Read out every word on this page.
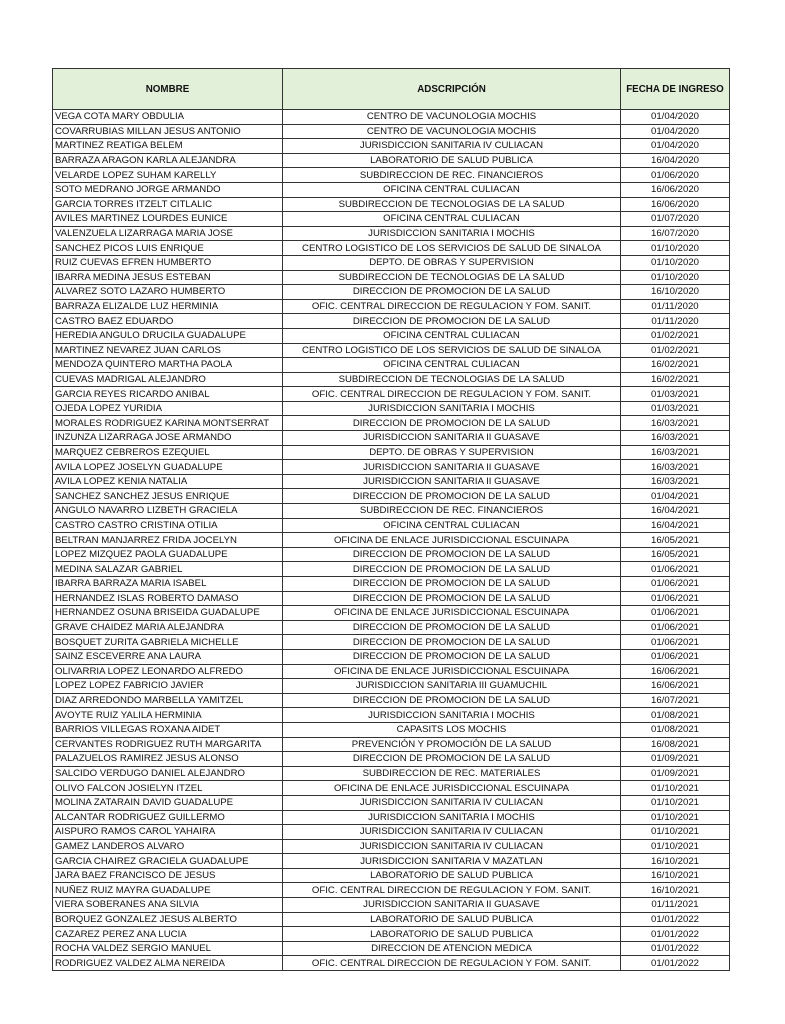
NOMBRE	ADSCRIPCIÓN	FECHA DE INGRESO
VEGA COTA MARY OBDULIA	CENTRO DE VACUNOLOGIA MOCHIS	01/04/2020
COVARRUBIAS MILLAN JESUS ANTONIO	CENTRO DE VACUNOLOGIA MOCHIS	01/04/2020
MARTINEZ REATIGA BELEM	JURISDICCION SANITARIA IV CULIACAN	01/04/2020
BARRAZA ARAGON KARLA ALEJANDRA	LABORATORIO DE SALUD PUBLICA	16/04/2020
VELARDE LOPEZ SUHAM KARELLY	SUBDIRECCION DE REC. FINANCIEROS	01/06/2020
SOTO MEDRANO JORGE ARMANDO	OFICINA CENTRAL CULIACAN	16/06/2020
GARCIA TORRES ITZELT CITLALIC	SUBDIRECCION DE TECNOLOGIAS DE LA SALUD	16/06/2020
AVILES MARTINEZ LOURDES EUNICE	OFICINA CENTRAL CULIACAN	01/07/2020
VALENZUELA LIZARRAGA MARIA JOSE	JURISDICCION SANITARIA I MOCHIS	16/07/2020
SANCHEZ PICOS LUIS ENRIQUE	CENTRO LOGISTICO DE LOS SERVICIOS DE SALUD DE SINALOA	01/10/2020
RUIZ CUEVAS EFREN HUMBERTO	DEPTO. DE OBRAS Y SUPERVISION	01/10/2020
IBARRA MEDINA JESUS ESTEBAN	SUBDIRECCION DE TECNOLOGIAS DE LA SALUD	01/10/2020
ALVAREZ SOTO LAZARO HUMBERTO	DIRECCION DE PROMOCION DE LA SALUD	16/10/2020
BARRAZA ELIZALDE LUZ HERMINIA	OFIC. CENTRAL DIRECCION DE REGULACION Y FOM. SANIT.	01/11/2020
CASTRO BAEZ EDUARDO	DIRECCION DE PROMOCION DE LA SALUD	01/11/2020
HEREDIA ANGULO DRUCILA GUADALUPE	OFICINA CENTRAL CULIACAN	01/02/2021
MARTINEZ NEVAREZ JUAN CARLOS	CENTRO LOGISTICO DE LOS SERVICIOS DE SALUD DE SINALOA	01/02/2021
MENDOZA QUINTERO MARTHA PAOLA	OFICINA CENTRAL CULIACAN	16/02/2021
CUEVAS MADRIGAL ALEJANDRO	SUBDIRECCION DE TECNOLOGIAS DE LA SALUD	16/02/2021
GARCIA REYES RICARDO ANIBAL	OFIC. CENTRAL DIRECCION DE REGULACION Y FOM. SANIT.	01/03/2021
OJEDA LOPEZ YURIDIA	JURISDICCION SANITARIA I MOCHIS	01/03/2021
MORALES RODRIGUEZ KARINA MONTSERRAT	DIRECCION DE PROMOCION DE LA SALUD	16/03/2021
INZUNZA LIZARRAGA JOSE ARMANDO	JURISDICCION SANITARIA II GUASAVE	16/03/2021
MARQUEZ CEBREROS EZEQUIEL	DEPTO. DE OBRAS Y SUPERVISION	16/03/2021
AVILA LOPEZ JOSELYN GUADALUPE	JURISDICCION SANITARIA II GUASAVE	16/03/2021
AVILA LOPEZ KENIA NATALIA	JURISDICCION SANITARIA II GUASAVE	16/03/2021
SANCHEZ SANCHEZ JESUS ENRIQUE	DIRECCION DE PROMOCION DE LA SALUD	01/04/2021
ANGULO NAVARRO LIZBETH GRACIELA	SUBDIRECCION DE REC. FINANCIEROS	16/04/2021
CASTRO CASTRO CRISTINA OTILIA	OFICINA CENTRAL CULIACAN	16/04/2021
BELTRAN MANJARREZ FRIDA JOCELYN	OFICINA DE ENLACE JURISDICCIONAL ESCUINAPA	16/05/2021
LOPEZ MIZQUEZ PAOLA GUADALUPE	DIRECCION DE PROMOCION DE LA SALUD	16/05/2021
MEDINA SALAZAR GABRIEL	DIRECCION DE PROMOCION DE LA SALUD	01/06/2021
IBARRA BARRAZA MARIA ISABEL	DIRECCION DE PROMOCION DE LA SALUD	01/06/2021
HERNANDEZ ISLAS ROBERTO DAMASO	DIRECCION DE PROMOCION DE LA SALUD	01/06/2021
HERNANDEZ OSUNA BRISEIDA GUADALUPE	OFICINA DE ENLACE JURISDICCIONAL ESCUINAPA	01/06/2021
GRAVE CHAIDEZ MARIA ALEJANDRA	DIRECCION DE PROMOCION DE LA SALUD	01/06/2021
BOSQUET ZURITA GABRIELA MICHELLE	DIRECCION DE PROMOCION DE LA SALUD	01/06/2021
SAINZ ESCEVERRE ANA LAURA	DIRECCION DE PROMOCION DE LA SALUD	01/06/2021
OLIVARRIA LOPEZ LEONARDO ALFREDO	OFICINA DE ENLACE JURISDICCIONAL ESCUINAPA	16/06/2021
LOPEZ LOPEZ FABRICIO JAVIER	JURISDICCION SANITARIA III GUAMUCHIL	16/06/2021
DIAZ ARREDONDO MARBELLA YAMITZEL	DIRECCION DE PROMOCION DE LA SALUD	16/07/2021
AVOYTE RUIZ YALILA HERMINIA	JURISDICCION SANITARIA I MOCHIS	01/08/2021
BARRIOS VILLEGAS ROXANA AIDET	CAPASITS LOS MOCHIS	01/08/2021
CERVANTES RODRIGUEZ RUTH MARGARITA	PREVENCIÓN Y PROMOCIÓN DE LA SALUD	16/08/2021
PALAZUELOS RAMIREZ JESUS ALONSO	DIRECCION DE PROMOCION DE LA SALUD	01/09/2021
SALCIDO VERDUGO DANIEL ALEJANDRO	SUBDIRECCION DE REC. MATERIALES	01/09/2021
OLIVO FALCON JOSIELYN ITZEL	OFICINA DE ENLACE JURISDICCIONAL ESCUINAPA	01/10/2021
MOLINA ZATARAIN DAVID GUADALUPE	JURISDICCION SANITARIA IV CULIACAN	01/10/2021
ALCANTAR RODRIGUEZ GUILLERMO	JURISDICCION SANITARIA I MOCHIS	01/10/2021
AISPURO RAMOS CAROL YAHAIRA	JURISDICCION SANITARIA IV CULIACAN	01/10/2021
GAMEZ LANDEROS ALVARO	JURISDICCION SANITARIA IV CULIACAN	01/10/2021
GARCIA CHAIREZ GRACIELA GUADALUPE	JURISDICCION SANITARIA V MAZATLAN	16/10/2021
JARA BAEZ FRANCISCO DE JESUS	LABORATORIO DE SALUD PUBLICA	16/10/2021
NUÑEZ RUIZ MAYRA GUADALUPE	OFIC. CENTRAL DIRECCION DE REGULACION Y FOM. SANIT.	16/10/2021
VIERA SOBERANES ANA SILVIA	JURISDICCION SANITARIA II GUASAVE	01/11/2021
BORQUEZ GONZALEZ JESUS ALBERTO	LABORATORIO DE SALUD PUBLICA	01/01/2022
CAZAREZ PEREZ ANA LUCIA	LABORATORIO DE SALUD PUBLICA	01/01/2022
ROCHA VALDEZ SERGIO MANUEL	DIRECCION DE ATENCION MEDICA	01/01/2022
RODRIGUEZ VALDEZ ALMA NEREIDA	OFIC. CENTRAL DIRECCION DE REGULACION Y FOM. SANIT.	01/01/2022
